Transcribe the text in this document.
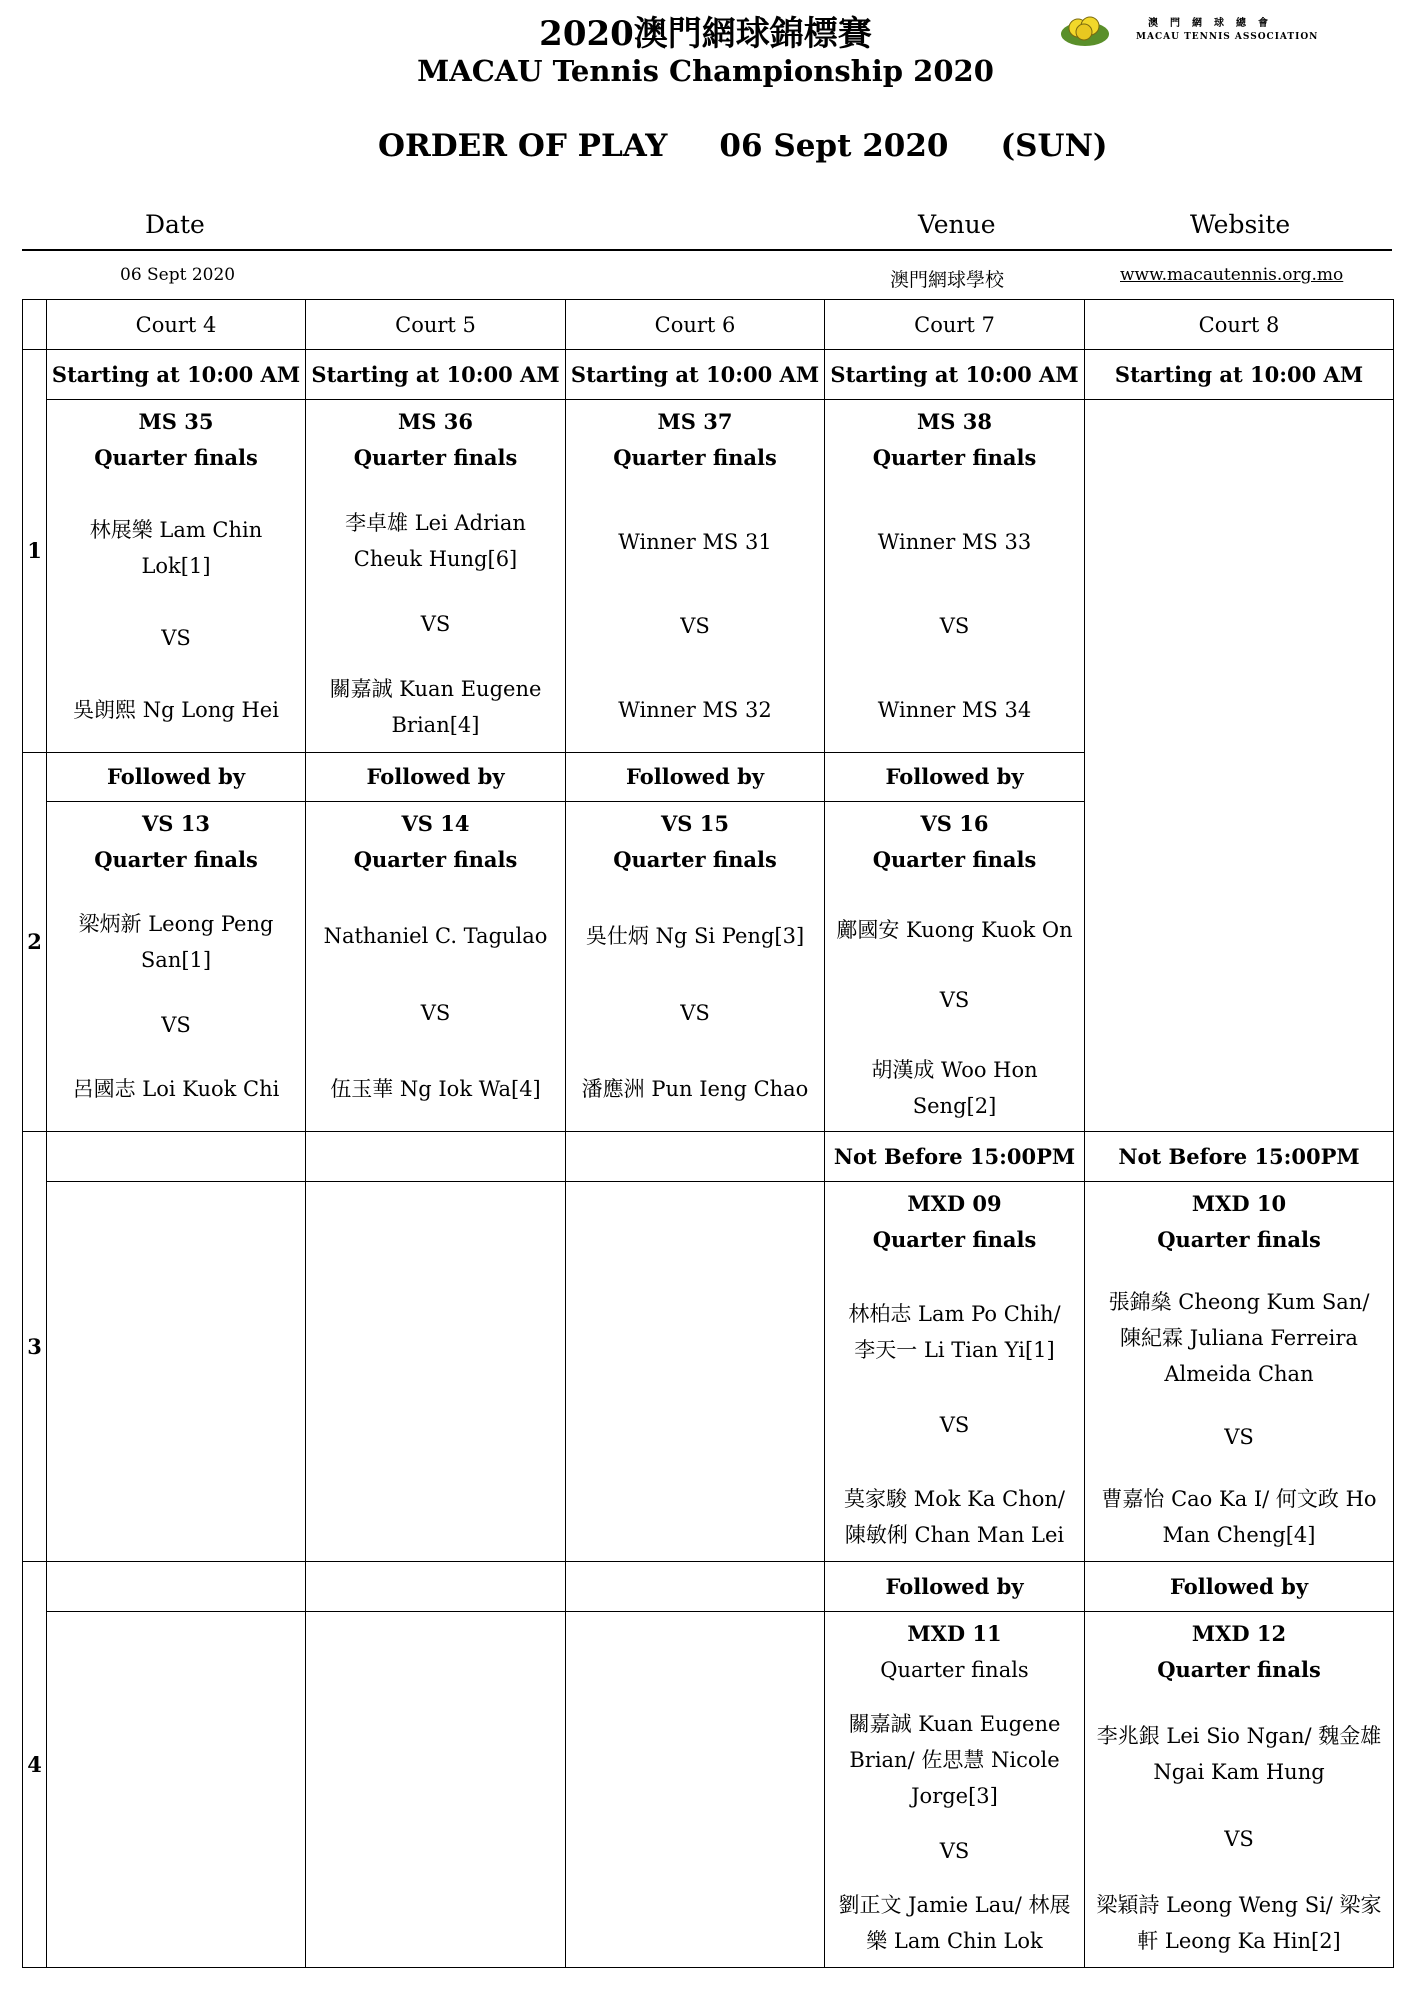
2020澳門網球錦標賽
MACAU Tennis Championship 2020
ORDER OF PLAY 06 Sept 2020 (SUN)
澳門網球總會
MACAU TENNIS ASSOCIATION
Date	Venue	Website
06 Sept 2020	澳門網球學校	www.macautennis.org.mo
	Court 4	Court 5	Court 6	Court 7	Court 8
1	Starting at 10:00 AM	Starting at 10:00 AM	Starting at 10:00 AM	Starting at 10:00 AM	Starting at 10:00 AM

	MS 35
Quarter finals
林展樂 Lam Chin Lok[1]
VS
吳朗熙 Ng Long Hei	MS 36
Quarter finals
李卓雄 Lei Adrian Cheuk Hung[6]
VS
關嘉誠 Kuan Eugene Brian[4]	MS 37
Quarter finals
Winner MS 31
VS
Winner MS 32	MS 38
Quarter finals
Winner MS 33
VS
Winner MS 34	

2	Followed by	Followed by	Followed by	Followed by	

	VS 13
Quarter finals
梁炳新 Leong Peng San[1]
VS
呂國志 Loi Kuok Chi	VS 14
Quarter finals
Nathaniel C. Tagulao
VS
伍玉華 Ng Iok Wa[4]	VS 15
Quarter finals
吳仕炳 Ng Si Peng[3]
VS
潘應洲 Pun Ieng Chao	VS 16
Quarter finals
鄺國安 Kuong Kuok On
VS
胡漢成 Woo Hon Seng[2]	

3				Not Before 15:00PM	Not Before 15:00PM

				MXD 09
Quarter finals
林柏志 Lam Po Chih/ 李天一 Li Tian Yi[1]
VS
莫家駿 Mok Ka Chon/ 陳敏俐 Chan Man Lei	MXD 10
Quarter finals
張錦燊 Cheong Kum San/ 陳紀霖 Juliana Ferreira Almeida Chan
VS
曹嘉怡 Cao Ka I/ 何文政 Ho Man Cheng[4]

4				Followed by	Followed by

				MXD 11
Quarter finals
關嘉誠 Kuan Eugene Brian/ 佐思慧 Nicole Jorge[3]
VS
劉正文 Jamie Lau/ 林展樂 Lam Chin Lok	MXD 12
Quarter finals
李兆銀 Lei Sio Ngan/ 魏金雄 Ngai Kam Hung
VS
梁穎詩 Leong Weng Si/ 梁家軒 Leong Ka Hin[2]
